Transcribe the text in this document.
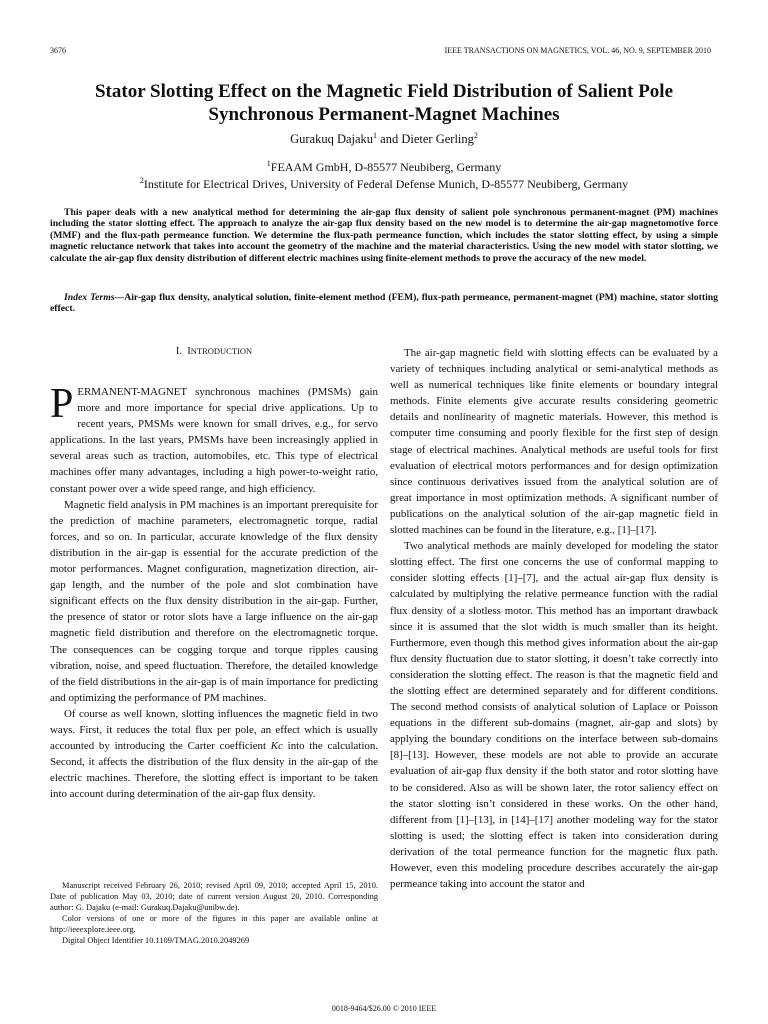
3676	IEEE TRANSACTIONS ON MAGNETICS, VOL. 46, NO. 9, SEPTEMBER 2010
Stator Slotting Effect on the Magnetic Field Distribution of Salient Pole
Synchronous Permanent-Magnet Machines
Gurakuq Dajaku$^1$ and Dieter Gerling$^2$
$^1$FEAAM GmbH, D-85577 Neubiberg, Germany
$^2$Institute for Electrical Drives, University of Federal Defense Munich, D-85577 Neubiberg, Germany

This paper deals with a new analytical method for determining the air-gap flux density of salient pole synchronous permanent-magnet (PM) machines including the stator slotting effect. The approach to analyze the air-gap flux density based on the new model is to determine the air-gap magnetomotive force (MMF) and the flux-path permeance function. We determine the flux-path permeance function, which includes the stator slotting effect, by using a simple magnetic reluctance network that takes into account the geometry of the machine and the material characteristics. Using the new model with stator slotting, we calculate the air-gap flux density distribution of different electric machines using finite-element methods to prove the accuracy of the new model.

Index Terms—Air-gap flux density, analytical solution, finite-element method (FEM), flux-path permeance, permanent-magnet (PM) machine, stator slotting effect.

I. INTRODUCTION

PERMANENT-MAGNET synchronous machines (PMSMs) gain more and more importance for special drive applications. Up to recent years, PMSMs were known for small drives, e.g., for servo applications. In the last years, PMSMs have been increasingly applied in several areas such as traction, automobiles, etc. This type of electrical machines offer many advantages, including a high power-to-weight ratio, constant power over a wide speed range, and high efficiency.

Magnetic field analysis in PM machines is an important prerequisite for the prediction of machine parameters, electromagnetic torque, radial forces, and so on. In particular, accurate knowledge of the flux density distribution in the air-gap is essential for the accurate prediction of the motor performances. Magnet configuration, magnetization direction, air-gap length, and the number of the pole and slot combination have significant effects on the flux density distribution in the air-gap. Further, the presence of stator or rotor slots have a large influence on the air-gap magnetic field distribution and therefore on the electromagnetic torque. The consequences can be cogging torque and torque ripples causing vibration, noise, and speed fluctuation. Therefore, the detailed knowledge of the field distributions in the air-gap is of main importance for predicting and optimizing the performance of PM machines.

Of course as well known, slotting influences the magnetic field in two ways. First, it reduces the total flux per pole, an effect which is usually accounted by introducing the Carter coefficient Kc into the calculation. Second, it affects the distribution of the flux density in the air-gap of the electric machines. Therefore, the slotting effect is important to be taken into account during determination of the air-gap flux density.

The air-gap magnetic field with slotting effects can be evaluated by a variety of techniques including analytical or semi-analytical methods as well as numerical techniques like finite elements or boundary integral methods. Finite elements give accurate results considering geometric details and nonlinearity of magnetic materials. However, this method is computer time consuming and poorly flexible for the first step of design stage of electrical machines. Analytical methods are useful tools for first evaluation of electrical motors performances and for design optimization since continuous derivatives issued from the analytical solution are of great importance in most optimization methods. A significant number of publications on the analytical solution of the air-gap magnetic field in slotted machines can be found in the literature, e.g., [1]–[17].

Two analytical methods are mainly developed for modeling the stator slotting effect. The first one concerns the use of conformal mapping to consider slotting effects [1]–[7], and the actual air-gap flux density is calculated by multiplying the relative permeance function with the radial flux density of a slotless motor. This method has an important drawback since it is assumed that the slot width is much smaller than its height. Furthermore, even though this method gives information about the air-gap flux density fluctuation due to stator slotting, it doesn’t take correctly into consideration the slotting effect. The reason is that the magnetic field and the slotting effect are determined separately and for different conditions. The second method consists of analytical solution of Laplace or Poisson equations in the different sub-domains (magnet, air-gap and slots) by applying the boundary conditions on the interface between sub-domains [8]–[13]. However, these models are not able to provide an accurate evaluation of air-gap flux density if the both stator and rotor slotting have to be considered. Also as will be shown later, the rotor saliency effect on the stator slotting isn’t considered in these works. On the other hand, different from [1]–[13], in [14]–[17] another modeling way for the stator slotting is used; the slotting effect is taken into consideration during derivation of the total permeance function for the magnetic flux path. However, even this modeling procedure describes accurately the air-gap permeance taking into account the stator and

Manuscript received February 26, 2010; revised April 09, 2010; accepted April 15, 2010. Date of publication May 03, 2010; date of current version August 20, 2010. Corresponding author: G. Dajaku (e-mail: Gurakuq.Dajaku@unibw.de).

Color versions of one or more of the figures in this paper are available online at http://ieeexplore.ieee.org.

Digital Object Identifier 10.1109/TMAG.2010.2049269

0018-9464/$26.00 © 2010 IEEE
